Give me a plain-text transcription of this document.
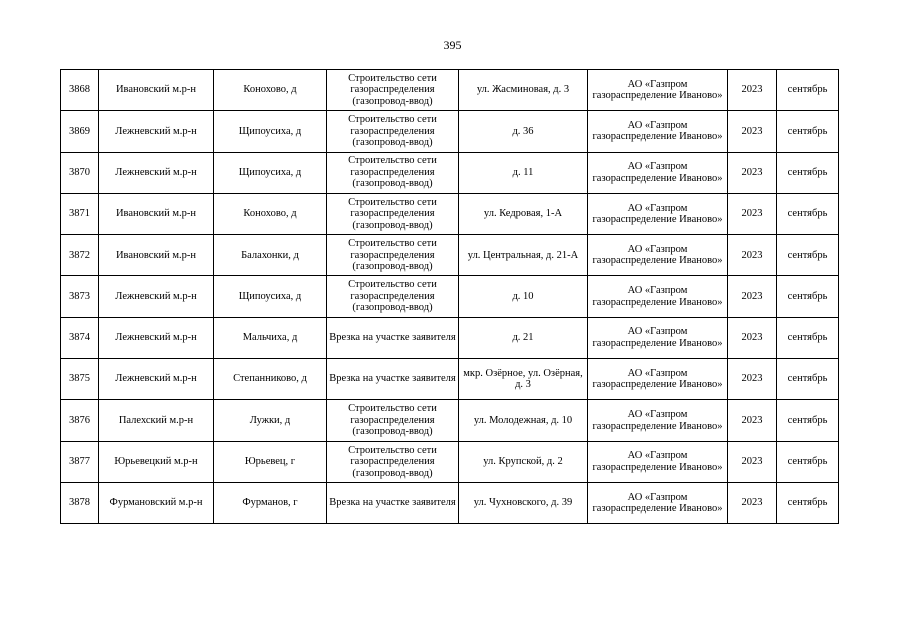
395
3868	Ивановский м.р-н	Конохово, д	Строительство сети газораспределения (газопровод-ввод)	ул. Жасминовая, д. 3	АО «Газпром газораспределение Иваново»	2023	сентябрь
3869	Лежневский м.р-н	Щипоусиха, д	Строительство сети газораспределения (газопровод-ввод)	д. 36	АО «Газпром газораспределение Иваново»	2023	сентябрь
3870	Лежневский м.р-н	Щипоусиха, д	Строительство сети газораспределения (газопровод-ввод)	д. 11	АО «Газпром газораспределение Иваново»	2023	сентябрь
3871	Ивановский м.р-н	Конохово, д	Строительство сети газораспределения (газопровод-ввод)	ул. Кедровая, 1-А	АО «Газпром газораспределение Иваново»	2023	сентябрь
3872	Ивановский м.р-н	Балахонки, д	Строительство сети газораспределения (газопровод-ввод)	ул. Центральная, д. 21-А	АО «Газпром газораспределение Иваново»	2023	сентябрь
3873	Лежневский м.р-н	Щипоусиха, д	Строительство сети газораспределения (газопровод-ввод)	д. 10	АО «Газпром газораспределение Иваново»	2023	сентябрь
3874	Лежневский м.р-н	Мальчиха, д	Врезка на участке заявителя	д. 21	АО «Газпром газораспределение Иваново»	2023	сентябрь
3875	Лежневский м.р-н	Степанниково, д	Врезка на участке заявителя	мкр. Озёрное, ул. Озёрная, д. 3	АО «Газпром газораспределение Иваново»	2023	сентябрь
3876	Палехский м.р-н	Лужки, д	Строительство сети газораспределения (газопровод-ввод)	ул. Молодежная, д. 10	АО «Газпром газораспределение Иваново»	2023	сентябрь
3877	Юрьевецкий м.р-н	Юрьевец, г	Строительство сети газораспределения (газопровод-ввод)	ул. Крупской, д. 2	АО «Газпром газораспределение Иваново»	2023	сентябрь
3878	Фурмановский м.р-н	Фурманов, г	Врезка на участке заявителя	ул. Чухновского, д. 39	АО «Газпром газораспределение Иваново»	2023	сентябрь
